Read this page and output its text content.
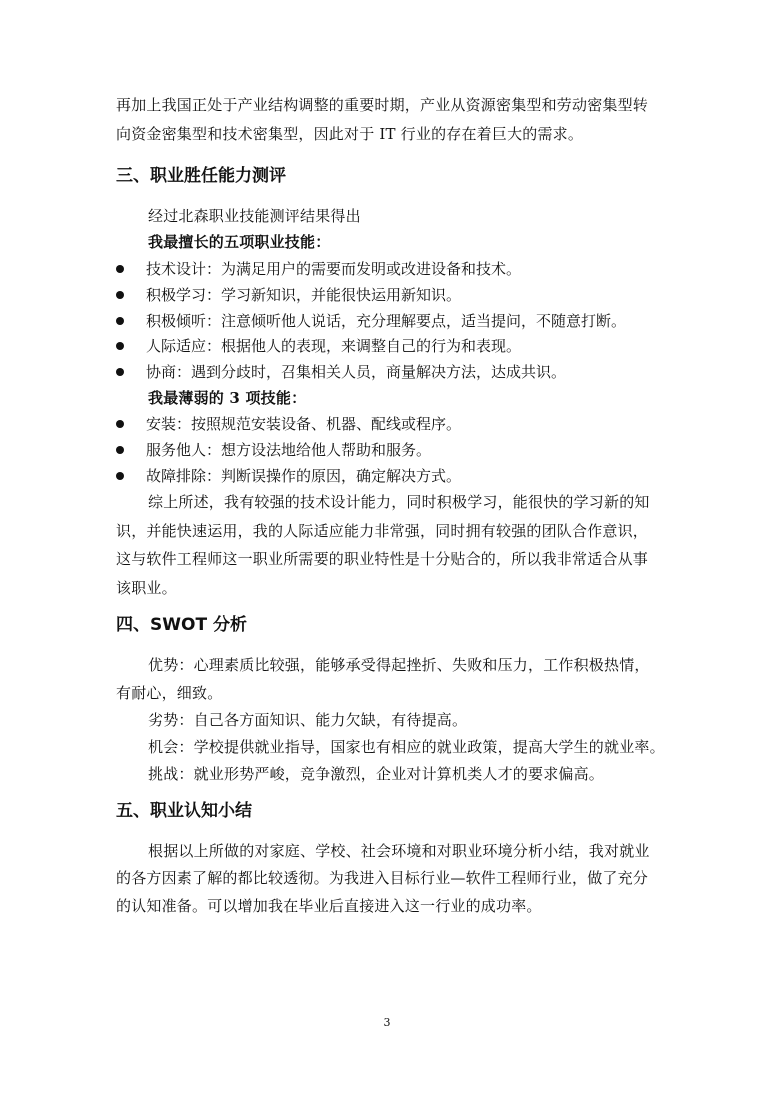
再加上我国正处于产业结构调整的重要时期，产业从资源密集型和劳动密集型转
向资金密集型和技术密集型，因此对于 IT 行业的存在着巨大的需求。
三、职业胜任能力测评
经过北森职业技能测评结果得出
我最擅长的五项职业技能：
技术设计：为满足用户的需要而发明或改进设备和技术。
积极学习：学习新知识，并能很快运用新知识。
积极倾听：注意倾听他人说话，充分理解要点，适当提问，不随意打断。
人际适应：根据他人的表现，来调整自己的行为和表现。
协商：遇到分歧时，召集相关人员，商量解决方法，达成共识。
我最薄弱的 3 项技能：
安装：按照规范安装设备、机器、配线或程序。
服务他人：想方设法地给他人帮助和服务。
故障排除：判断误操作的原因，确定解决方式。
综上所述，我有较强的技术设计能力，同时积极学习，能很快的学习新的知
识，并能快速运用，我的人际适应能力非常强，同时拥有较强的团队合作意识，
这与软件工程师这一职业所需要的职业特性是十分贴合的，所以我非常适合从事
该职业。
四、SWOT 分析
优势：心理素质比较强，能够承受得起挫折、失败和压力，工作积极热情，
有耐心，细致。
劣势：自己各方面知识、能力欠缺，有待提高。
机会：学校提供就业指导，国家也有相应的就业政策，提高大学生的就业率。
挑战：就业形势严峻，竞争激烈，企业对计算机类人才的要求偏高。
五、职业认知小结
根据以上所做的对家庭、学校、社会环境和对职业环境分析小结，我对就业
的各方因素了解的都比较透彻。为我进入目标行业—软件工程师行业，做了充分
的认知准备。可以增加我在毕业后直接进入这一行业的成功率。
3
